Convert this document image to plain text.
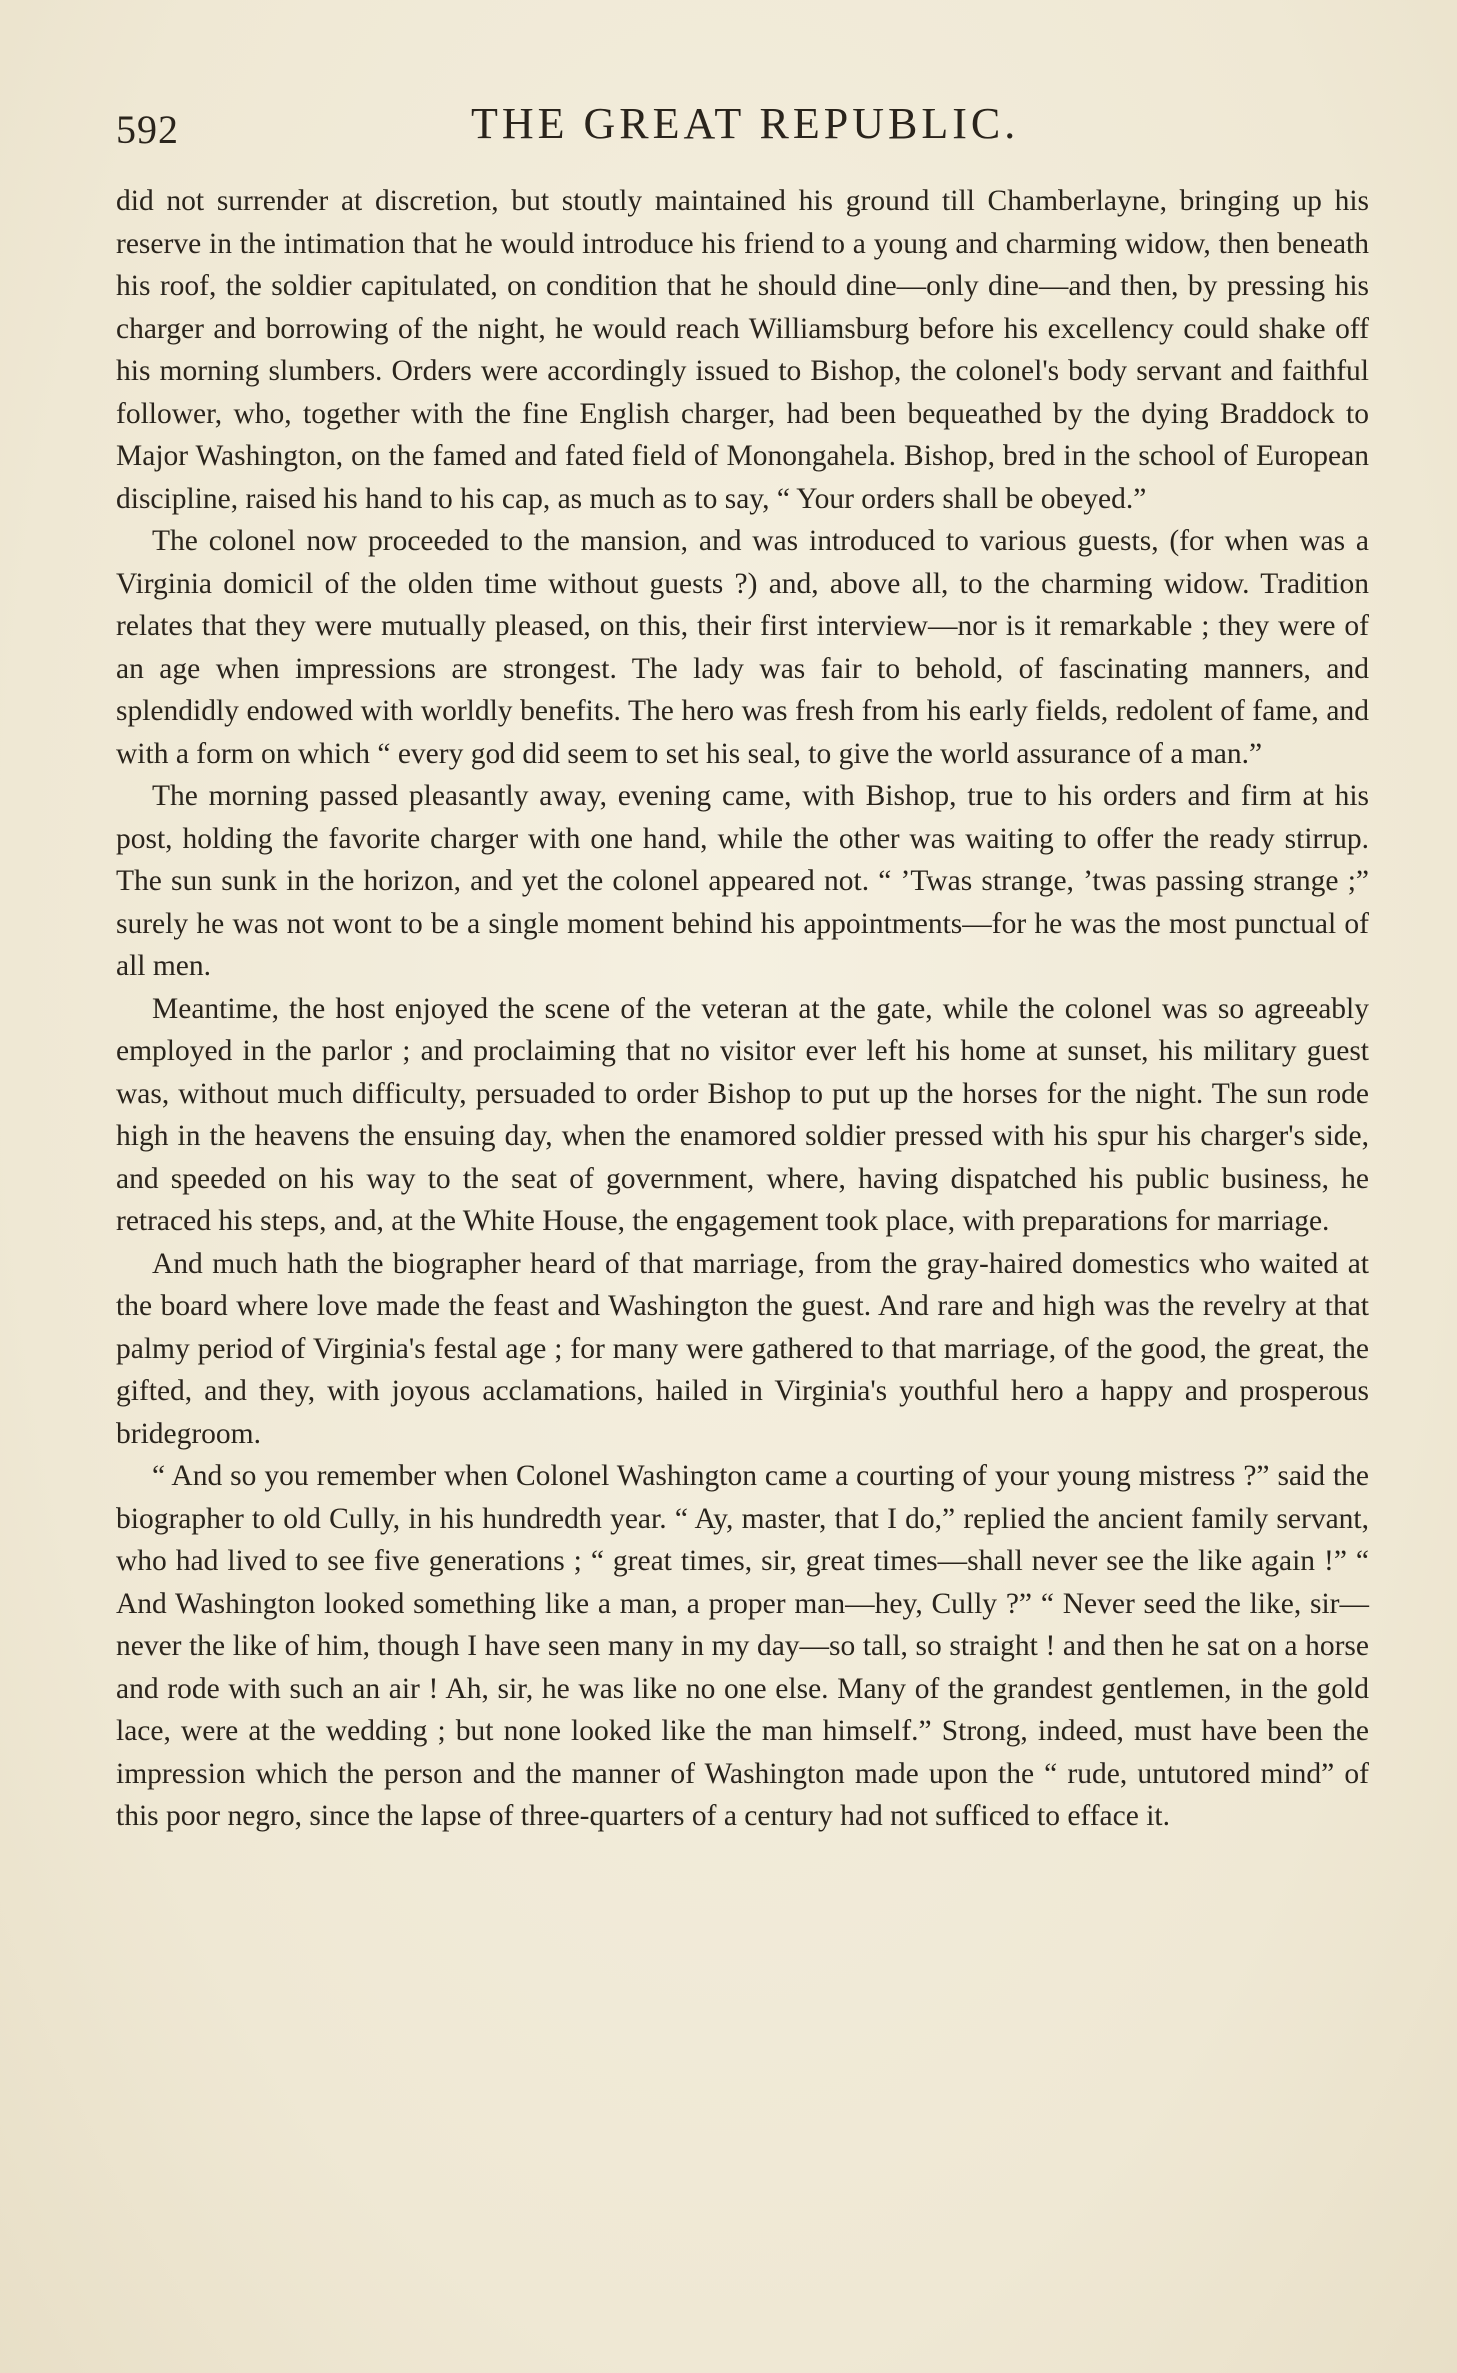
592	THE GREAT REPUBLIC.

did not surrender at discretion, but stoutly maintained his ground till Chamberlayne, bringing up his reserve in the intimation that he would introduce his friend to a young and charming widow, then beneath his roof, the soldier capitulated, on condition that he should dine—only dine—and then, by pressing his charger and borrowing of the night, he would reach Williamsburg before his excellency could shake off his morning slumbers. Orders were accordingly issued to Bishop, the colonel's body servant and faithful follower, who, together with the fine English charger, had been bequeathed by the dying Braddock to Major Washington, on the famed and fated field of Monongahela. Bishop, bred in the school of European discipline, raised his hand to his cap, as much as to say, “ Your orders shall be obeyed.”

The colonel now proceeded to the mansion, and was introduced to various guests, (for when was a Virginia domicil of the olden time without guests ?) and, above all, to the charming widow. Tradition relates that they were mutually pleased, on this, their first interview—nor is it remarkable ; they were of an age when impressions are strongest. The lady was fair to behold, of fascinating manners, and splendidly endowed with worldly benefits. The hero was fresh from his early fields, redolent of fame, and with a form on which “ every god did seem to set his seal, to give the world assurance of a man.”

The morning passed pleasantly away, evening came, with Bishop, true to his orders and firm at his post, holding the favorite charger with one hand, while the other was waiting to offer the ready stirrup. The sun sunk in the horizon, and yet the colonel appeared not. “ ’Twas strange, ’twas passing strange ;” surely he was not wont to be a single moment behind his appointments—for he was the most punctual of all men.

Meantime, the host enjoyed the scene of the veteran at the gate, while the colonel was so agreeably employed in the parlor ; and proclaiming that no visitor ever left his home at sunset, his military guest was, without much difficulty, persuaded to order Bishop to put up the horses for the night. The sun rode high in the heavens the ensuing day, when the enamored soldier pressed with his spur his charger's side, and speeded on his way to the seat of government, where, having dispatched his public business, he retraced his steps, and, at the White House, the engagement took place, with preparations for marriage.

And much hath the biographer heard of that marriage, from the gray-haired domestics who waited at the board where love made the feast and Washington the guest. And rare and high was the revelry at that palmy period of Virginia's festal age ; for many were gathered to that marriage, of the good, the great, the gifted, and they, with joyous acclamations, hailed in Virginia's youthful hero a happy and prosperous bridegroom.

“ And so you remember when Colonel Washington came a courting of your young mistress ?” said the biographer to old Cully, in his hundredth year. “ Ay, master, that I do,” replied the ancient family servant, who had lived to see five generations ; “ great times, sir, great times—shall never see the like again !” “ And Washington looked something like a man, a proper man—hey, Cully ?” “ Never seed the like, sir—never the like of him, though I have seen many in my day—so tall, so straight ! and then he sat on a horse and rode with such an air ! Ah, sir, he was like no one else. Many of the grandest gentlemen, in the gold lace, were at the wedding ; but none looked like the man himself.” Strong, indeed, must have been the impression which the person and the manner of Washington made upon the “ rude, untutored mind” of this poor negro, since the lapse of three-quarters of a century had not sufficed to efface it.
